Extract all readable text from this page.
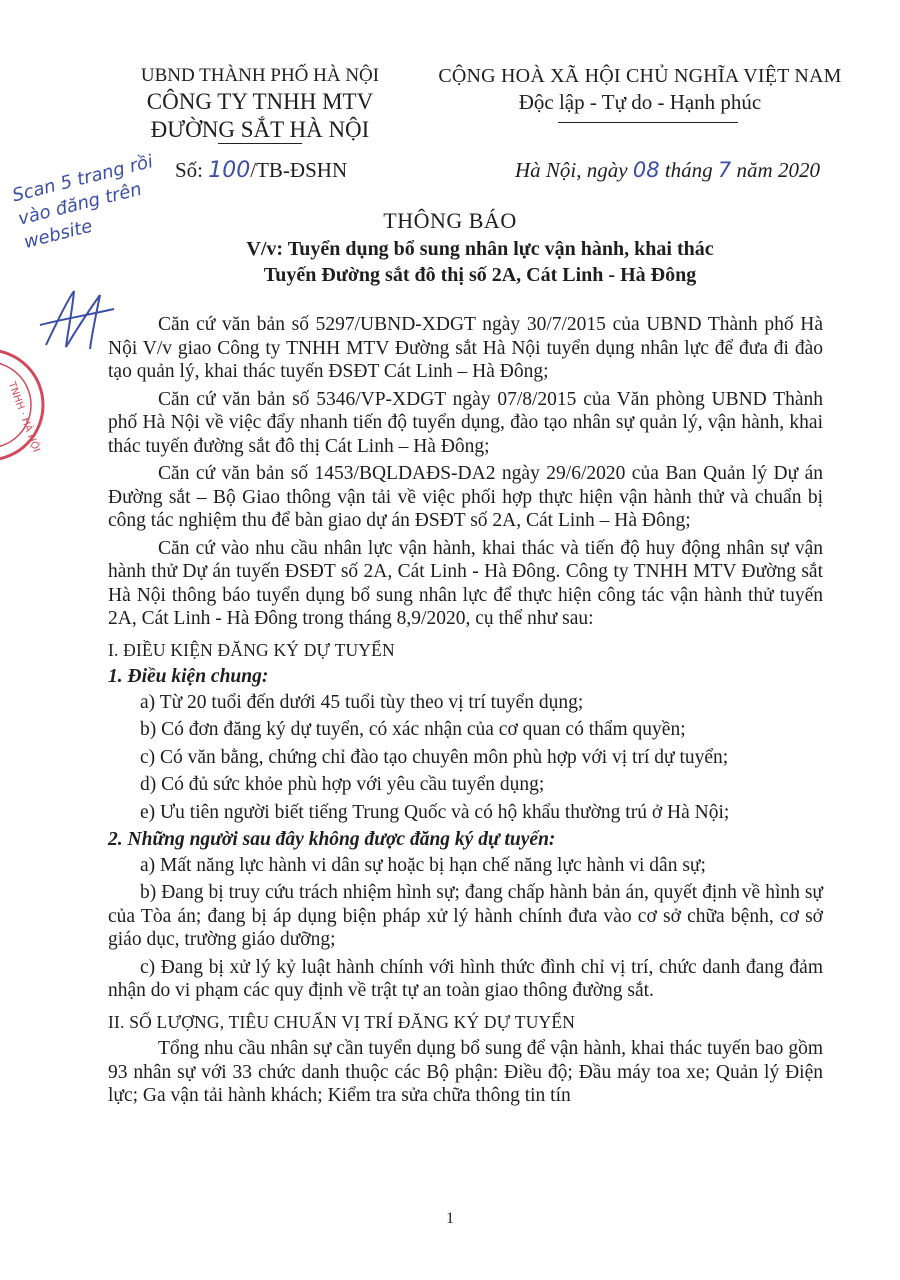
UBND THÀNH PHỐ HÀ NỘI
CÔNG TY TNHH MTV
ĐƯỜNG SẮT HÀ NỘI
CỘNG HOÀ XÃ HỘI CHỦ NGHĨA VIỆT NAM
Độc lập - Tự do - Hạnh phúc
Số: 100/TB-ĐSHN	Hà Nội, ngày 08 tháng 7 năm 2020
Scan 5 trang rồi vào đăng trên website
TNHH · HÀ NỘI
THÔNG BÁO
V/v: Tuyển dụng bổ sung nhân lực vận hành, khai thác
Tuyến Đường sắt đô thị số 2A, Cát Linh - Hà Đông

Căn cứ văn bản số 5297/UBND-XDGT ngày 30/7/2015 của UBND Thành phố Hà Nội V/v giao Công ty TNHH MTV Đường sắt Hà Nội tuyển dụng nhân lực để đưa đi đào tạo quản lý, khai thác tuyến ĐSĐT Cát Linh – Hà Đông;

Căn cứ văn bản số 5346/VP-XDGT ngày 07/8/2015 của Văn phòng UBND Thành phố Hà Nội về việc đẩy nhanh tiến độ tuyển dụng, đào tạo nhân sự quản lý, vận hành, khai thác tuyến đường sắt đô thị Cát Linh – Hà Đông;

Căn cứ văn bản số 1453/BQLDAĐS-DA2 ngày 29/6/2020 của Ban Quản lý Dự án Đường sắt – Bộ Giao thông vận tải về việc phối hợp thực hiện vận hành thử và chuẩn bị công tác nghiệm thu để bàn giao dự án ĐSĐT số 2A, Cát Linh – Hà Đông;

Căn cứ vào nhu cầu nhân lực vận hành, khai thác và tiến độ huy động nhân sự vận hành thử Dự án tuyến ĐSĐT số 2A, Cát Linh - Hà Đông. Công ty TNHH MTV Đường sắt Hà Nội thông báo tuyển dụng bổ sung nhân lực để thực hiện công tác vận hành thử tuyến 2A, Cát Linh - Hà Đông trong tháng 8,9/2020, cụ thể như sau:

I. ĐIỀU KIỆN ĐĂNG KÝ DỰ TUYỂN
1. Điều kiện chung:
a) Từ 20 tuổi đến dưới 45 tuổi tùy theo vị trí tuyển dụng;
b) Có đơn đăng ký dự tuyển, có xác nhận của cơ quan có thẩm quyền;
c) Có văn bằng, chứng chỉ đào tạo chuyên môn phù hợp với vị trí dự tuyển;
d) Có đủ sức khỏe phù hợp với yêu cầu tuyển dụng;
e) Ưu tiên người biết tiếng Trung Quốc và có hộ khẩu thường trú ở Hà Nội;
2. Những người sau đây không được đăng ký dự tuyển:
a) Mất năng lực hành vi dân sự hoặc bị hạn chế năng lực hành vi dân sự;
b) Đang bị truy cứu trách nhiệm hình sự; đang chấp hành bản án, quyết định về hình sự của Tòa án; đang bị áp dụng biện pháp xử lý hành chính đưa vào cơ sở chữa bệnh, cơ sở giáo dục, trường giáo dưỡng;
c) Đang bị xử lý kỷ luật hành chính với hình thức đình chỉ vị trí, chức danh đang đảm nhận do vi phạm các quy định về trật tự an toàn giao thông đường sắt.
II. SỐ LƯỢNG, TIÊU CHUẨN VỊ TRÍ ĐĂNG KÝ DỰ TUYỂN

Tổng nhu cầu nhân sự cần tuyển dụng bổ sung để vận hành, khai thác tuyến bao gồm 93 nhân sự với 33 chức danh thuộc các Bộ phận: Điều độ; Đầu máy toa xe; Quản lý Điện lực; Ga vận tải hành khách; Kiểm tra sửa chữa thông tin tín

1
